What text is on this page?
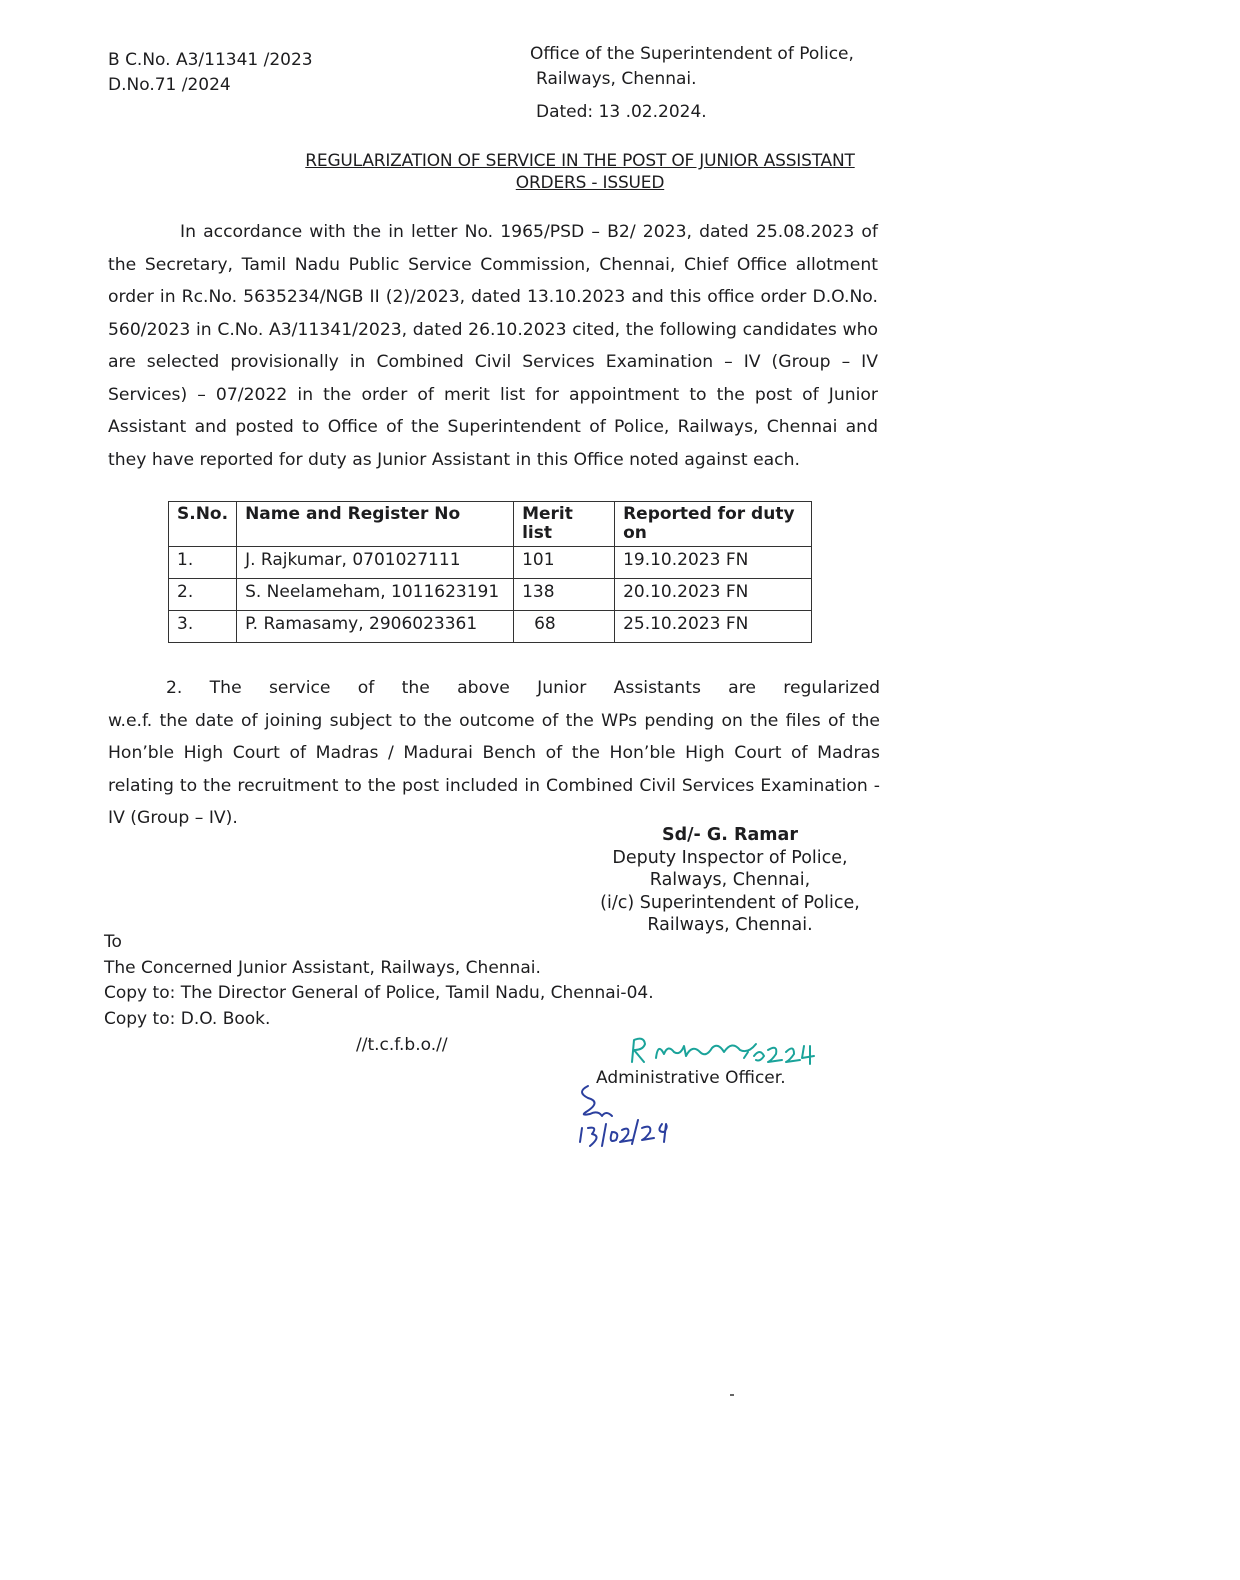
B C.No. A3/11341 /2023
D.No.71 /2024
Office of the Superintendent of Police,
Railways, Chennai.
Dated: 13 .02.2024.
REGULARIZATION OF SERVICE IN THE POST OF JUNIOR ASSISTANT
ORDERS - ISSUED
In accordance with the in letter No. 1965/PSD – B2/ 2023, dated 25.08.2023 of the Secretary, Tamil Nadu Public Service Commission, Chennai, Chief Office allotment order in Rc.No. 5635234/NGB II (2)/2023, dated 13.10.2023 and this office order D.O.No. 560/2023 in C.No. A3/11341/2023, dated 26.10.2023 cited, the following candidates who are selected provisionally in Combined Civil Services Examination – IV (Group – IV Services) – 07/2022 in the order of merit list for appointment to the post of Junior Assistant and posted to Office of the Superintendent of Police, Railways, Chennai and they have reported for duty as Junior Assistant in this Office noted against each.
S.No.	Name and Register No	Merit list	Reported for duty on
1.	J. Rajkumar, 0701027111	101	19.10.2023 FN
2.	S. Neelameham, 1011623191	138	20.10.2023 FN
3.	P. Ramasamy, 2906023361	68	25.10.2023 FN
2. The service of the above Junior Assistants are regularized
w.e.f. the date of joining subject to the outcome of the WPs pending on the files of the Hon’ble High Court of Madras / Madurai Bench of the Hon’ble High Court of Madras relating to the recruitment to the post included in Combined Civil Services Examination - IV (Group – IV).
Sd/- G. Ramar
Deputy Inspector of Police,
Ralways, Chennai,
(i/c) Superintendent of Police,
Railways, Chennai.
To
The Concerned Junior Assistant, Railways, Chennai.
Copy to: The Director General of Police, Tamil Nadu, Chennai-04.
Copy to: D.O. Book.
//t.c.f.b.o.//
Administrative Officer.
